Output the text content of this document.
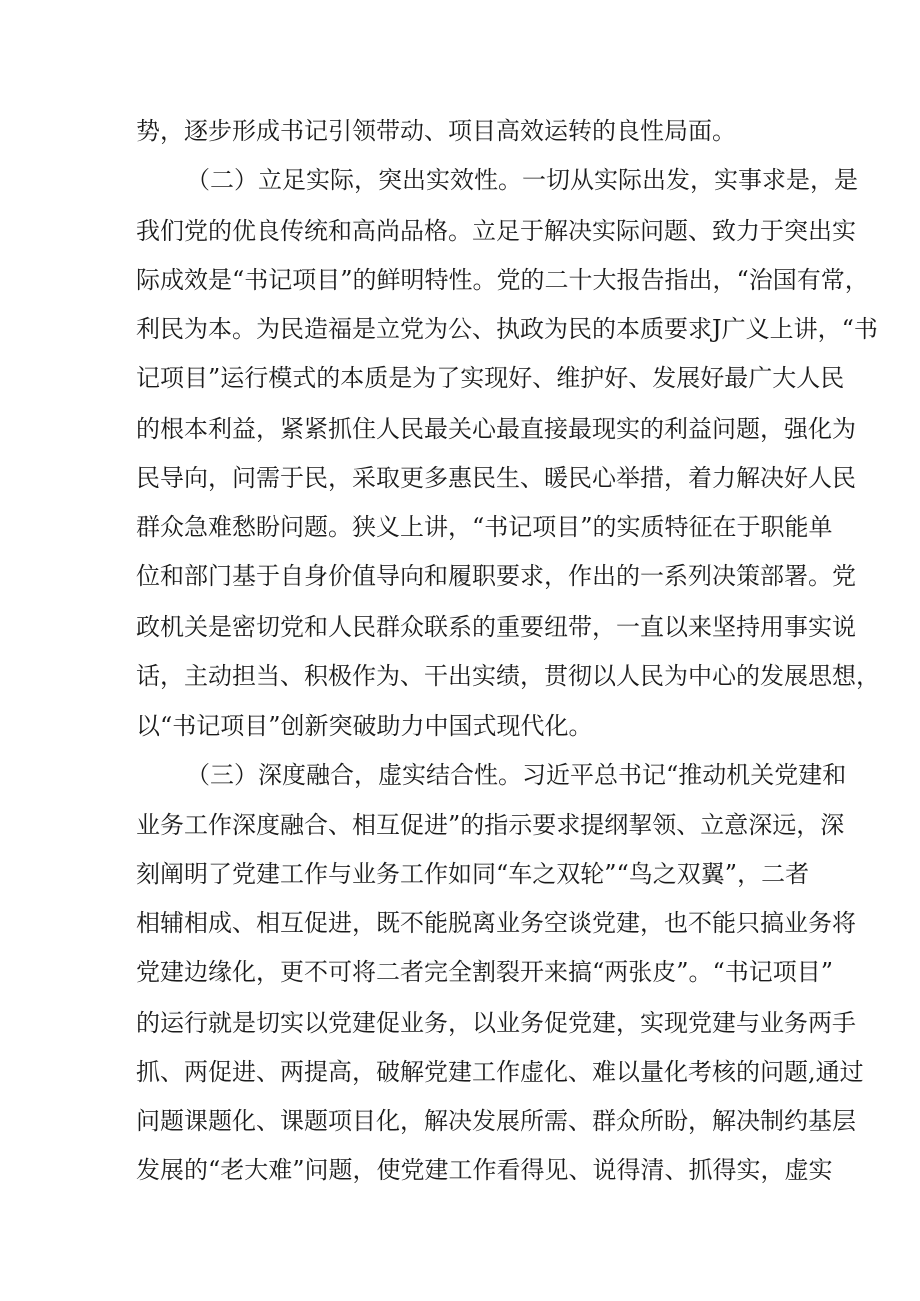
势，逐步形成书记引领带动、项目高效运转的良性局面。
（二）立足实际，突出实效性。一切从实际出发，实事求是，是
我们党的优良传统和高尚品格。立足于解决实际问题、致力于突出实
际成效是“书记项目”的鲜明特性。党的二十大报告指出，“治国有常，
利民为本。为民造福是立党为公、执政为民的本质要求J广义上讲，“书
记项目”运行模式的本质是为了实现好、维护好、发展好最广大人民
的根本利益，紧紧抓住人民最关心最直接最现实的利益问题，强化为
民导向，问需于民，采取更多惠民生、暖民心举措，着力解决好人民
群众急难愁盼问题。狭义上讲，“书记项目”的实质特征在于职能单
位和部门基于自身价值导向和履职要求，作出的一系列决策部署。党
政机关是密切党和人民群众联系的重要纽带，一直以来坚持用事实说
话，主动担当、积极作为、干出实绩，贯彻以人民为中心的发展思想，
以“书记项目”创新突破助力中国式现代化。
（三）深度融合，虚实结合性。习近平总书记“推动机关党建和
业务工作深度融合、相互促进”的指示要求提纲挈领、立意深远，深
刻阐明了党建工作与业务工作如同“车之双轮”“鸟之双翼”，二者
相辅相成、相互促进，既不能脱离业务空谈党建，也不能只搞业务将
党建边缘化，更不可将二者完全割裂开来搞“两张皮”。“书记项目”
的运行就是切实以党建促业务，以业务促党建，实现党建与业务两手
抓、两促进、两提高，破解党建工作虚化、难以量化考核的问题,通过
问题课题化、课题项目化，解决发展所需、群众所盼，解决制约基层
发展的“老大难”问题，使党建工作看得见、说得清、抓得实，虚实
